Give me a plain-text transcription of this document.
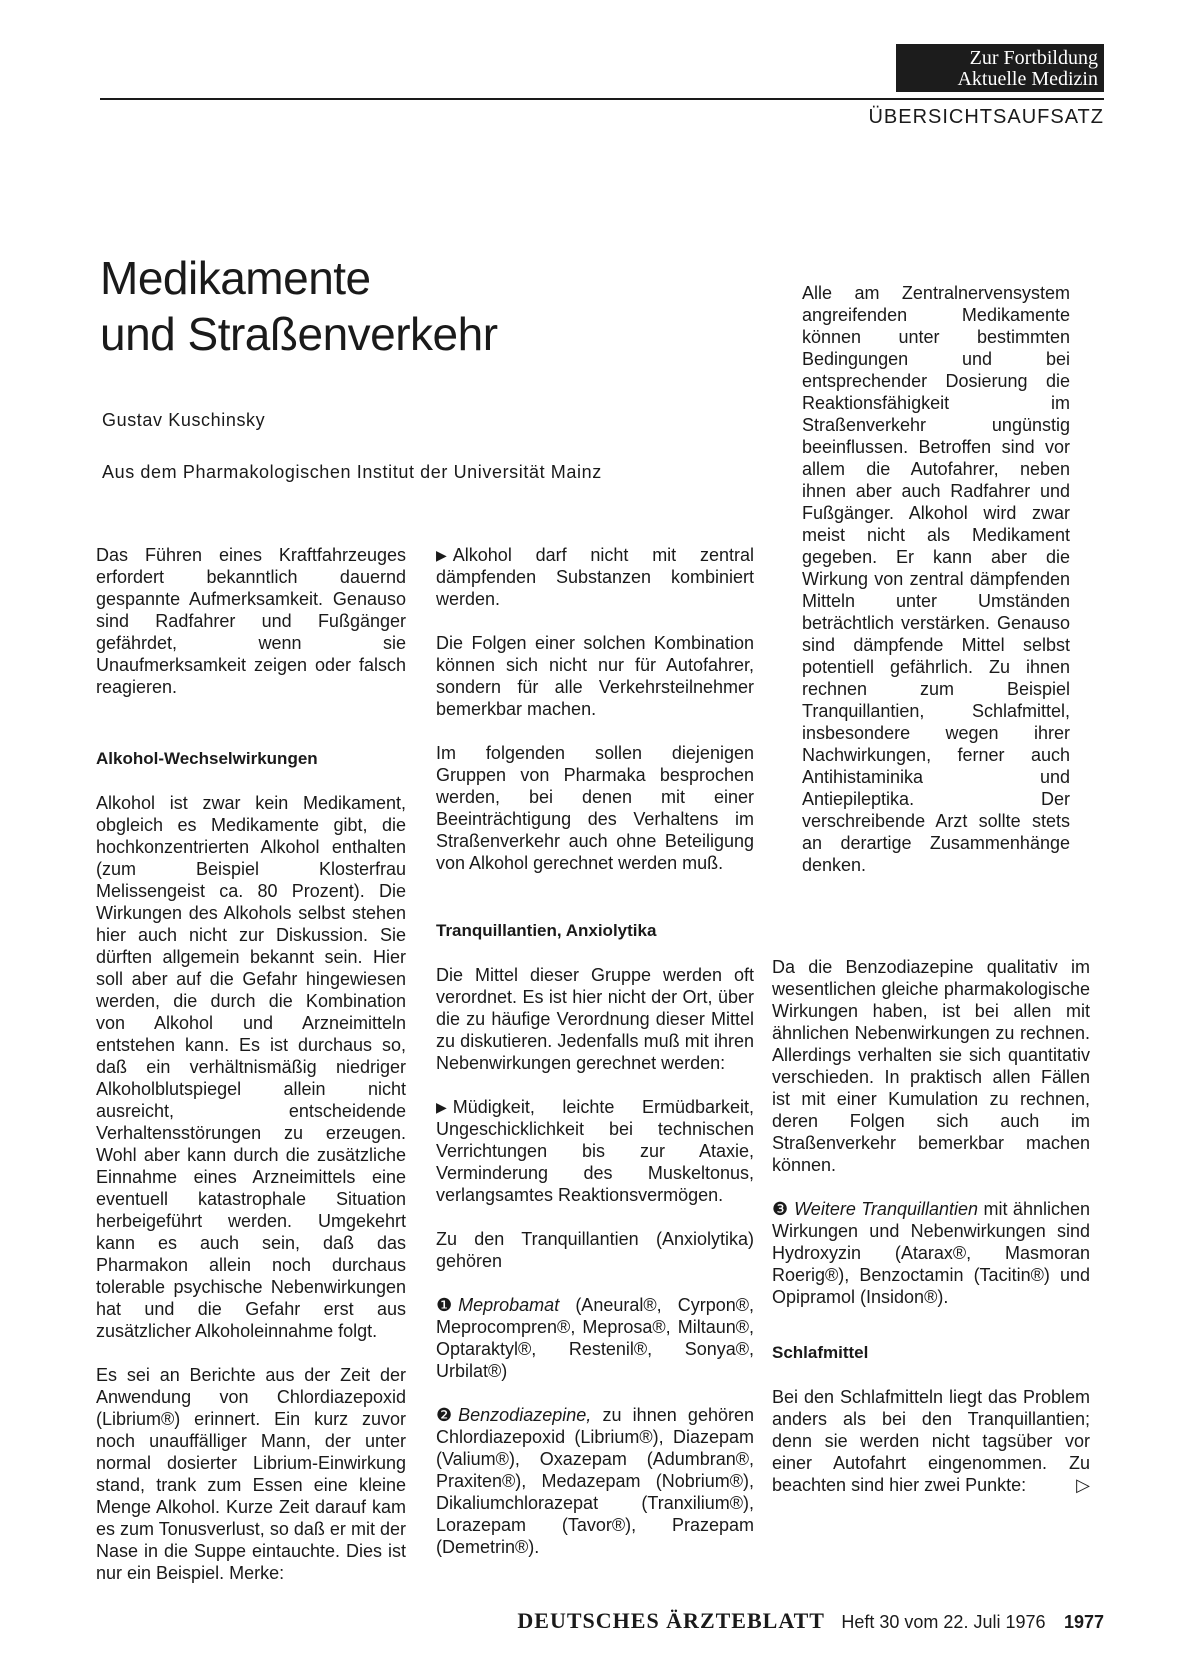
Zur Fortbildung
Aktuelle Medizin
ÜBERSICHTSAUFSATZ
Medikamente
und Straßenverkehr
Gustav Kuschinsky
Aus dem Pharmakologischen Institut der Universität Mainz

Alle am Zentralnervensystem angreifenden Medikamente können unter bestimmten Bedingungen und bei entsprechender Dosierung die Reaktionsfähigkeit im Straßenverkehr ungünstig beeinflussen. Betroffen sind vor allem die Autofahrer, neben ihnen aber auch Radfahrer und Fußgänger. Alkohol wird zwar meist nicht als Medikament gegeben. Er kann aber die Wirkung von zentral dämpfenden Mitteln unter Umständen beträchtlich verstärken. Genauso sind dämpfende Mittel selbst potentiell gefährlich. Zu ihnen rechnen zum Beispiel Tranquillantien, Schlafmittel, insbesondere wegen ihrer Nachwirkungen, ferner auch Antihistaminika und Antiepileptika. Der verschreibende Arzt sollte stets an derartige Zusammenhänge denken.

Das Führen eines Kraftfahrzeuges erfordert bekanntlich dauernd gespannte Aufmerksamkeit. Genauso sind Radfahrer und Fußgänger gefährdet, wenn sie Unaufmerksamkeit zeigen oder falsch reagieren.

Alkohol-Wechselwirkungen

Alkohol ist zwar kein Medikament, obgleich es Medikamente gibt, die hochkonzentrierten Alkohol enthalten (zum Beispiel Klosterfrau Melissengeist ca. 80 Prozent). Die Wirkungen des Alkohols selbst stehen hier auch nicht zur Diskussion. Sie dürften allgemein bekannt sein. Hier soll aber auf die Gefahr hingewiesen werden, die durch die Kombination von Alkohol und Arzneimitteln entstehen kann. Es ist durchaus so, daß ein verhältnismäßig niedriger Alkoholblutspiegel allein nicht ausreicht, entscheidende Verhaltensstörungen zu erzeugen. Wohl aber kann durch die zusätzliche Einnahme eines Arzneimittels eine eventuell katastrophale Situation herbeigeführt werden. Umgekehrt kann es auch sein, daß das Pharmakon allein noch durchaus tolerable psychische Nebenwirkungen hat und die Gefahr erst aus zusätzlicher Alkoholeinnahme folgt.

Es sei an Berichte aus der Zeit der Anwendung von Chlordiazepoxid (Librium®) erinnert. Ein kurz zuvor noch unauffälliger Mann, der unter normal dosierter Librium-Einwirkung stand, trank zum Essen eine kleine Menge Alkohol. Kurze Zeit darauf kam es zum Tonusverlust, so daß er mit der Nase in die Suppe eintauchte. Dies ist nur ein Beispiel. Merke:

▶ Alkohol darf nicht mit zentral dämpfenden Substanzen kombiniert werden.

Die Folgen einer solchen Kombination können sich nicht nur für Autofahrer, sondern für alle Verkehrsteilnehmer bemerkbar machen.

Im folgenden sollen diejenigen Gruppen von Pharmaka besprochen werden, bei denen mit einer Beeinträchtigung des Verhaltens im Straßenverkehr auch ohne Beteiligung von Alkohol gerechnet werden muß.

Tranquillantien, Anxiolytika

Die Mittel dieser Gruppe werden oft verordnet. Es ist hier nicht der Ort, über die zu häufige Verordnung dieser Mittel zu diskutieren. Jedenfalls muß mit ihren Nebenwirkungen gerechnet werden:

▶ Müdigkeit, leichte Ermüdbarkeit, Ungeschicklichkeit bei technischen Verrichtungen bis zur Ataxie, Verminderung des Muskeltonus, verlangsamtes Reaktionsvermögen.

Zu den Tranquillantien (Anxiolytika) gehören

❶ Meprobamat (Aneural®, Cyrpon®, Meprocompren®, Meprosa®, Miltaun®, Optaraktyl®, Restenil®, Sonya®, Urbilat®)

❷ Benzodiazepine, zu ihnen gehören Chlordiazepoxid (Librium®), Diazepam (Valium®), Oxazepam (Adumbran®, Praxiten®), Medazepam (Nobrium®), Dikaliumchlorazepat (Tranxilium®), Lorazepam (Tavor®), Prazepam (Demetrin®).

Da die Benzodiazepine qualitativ im wesentlichen gleiche pharmakologische Wirkungen haben, ist bei allen mit ähnlichen Nebenwirkungen zu rechnen. Allerdings verhalten sie sich quantitativ verschieden. In praktisch allen Fällen ist mit einer Kumulation zu rechnen, deren Folgen sich auch im Straßenverkehr bemerkbar machen können.

❸ Weitere Tranquillantien mit ähnlichen Wirkungen und Nebenwirkungen sind Hydroxyzin (Atarax®, Masmoran Roerig®), Benzoctamin (Tacitin®) und Opipramol (Insidon®).

Schlafmittel

Bei den Schlafmitteln liegt das Problem anders als bei den Tranquillantien; denn sie werden nicht tagsüber vor einer Autofahrt eingenommen. Zu beachten sind hier zwei Punkte:	▷

DEUTSCHES ÄRZTEBLATT Heft 30 vom 22. Juli 1976 1977
